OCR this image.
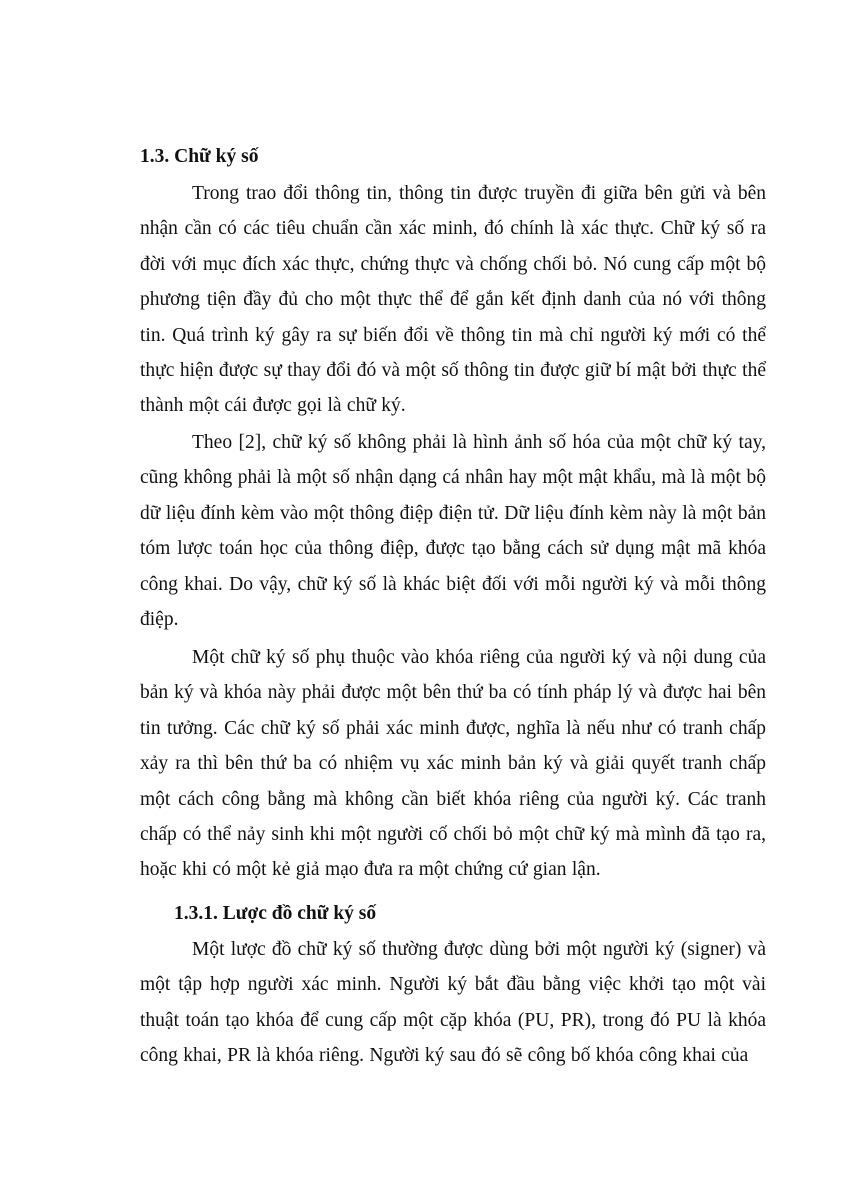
1.3. Chữ ký số

Trong trao đổi thông tin, thông tin được truyền đi giữa bên gửi và bên nhận cần có các tiêu chuẩn cần xác minh, đó chính là xác thực. Chữ ký số ra đời với mục đích xác thực, chứng thực và chống chối bỏ. Nó cung cấp một bộ phương tiện đầy đủ cho một thực thể để gắn kết định danh của nó với thông tin. Quá trình ký gây ra sự biến đổi về thông tin mà chỉ người ký mới có thể thực hiện được sự thay đổi đó và một số thông tin được giữ bí mật bởi thực thể thành một cái được gọi là chữ ký.

Theo [2], chữ ký số không phải là hình ảnh số hóa của một chữ ký tay, cũng không phải là một số nhận dạng cá nhân hay một mật khẩu, mà là một bộ dữ liệu đính kèm vào một thông điệp điện tử. Dữ liệu đính kèm này là một bản tóm lược toán học của thông điệp, được tạo bằng cách sử dụng mật mã khóa công khai. Do vậy, chữ ký số là khác biệt đối với mỗi người ký và mỗi thông điệp.

Một chữ ký số phụ thuộc vào khóa riêng của người ký và nội dung của bản ký và khóa này phải được một bên thứ ba có tính pháp lý và được hai bên tin tưởng. Các chữ ký số phải xác minh được, nghĩa là nếu như có tranh chấp xảy ra thì bên thứ ba có nhiệm vụ xác minh bản ký và giải quyết tranh chấp một cách công bằng mà không cần biết khóa riêng của người ký. Các tranh chấp có thể nảy sinh khi một người cố chối bỏ một chữ ký mà mình đã tạo ra, hoặc khi có một kẻ giả mạo đưa ra một chứng cứ gian lận.

1.3.1. Lược đồ chữ ký số

Một lược đồ chữ ký số thường được dùng bởi một người ký (signer) và một tập hợp người xác minh. Người ký bắt đầu bằng việc khởi tạo một vài thuật toán tạo khóa để cung cấp một cặp khóa (PU, PR), trong đó PU là khóa công khai, PR là khóa riêng. Người ký sau đó sẽ công bố khóa công khai của
